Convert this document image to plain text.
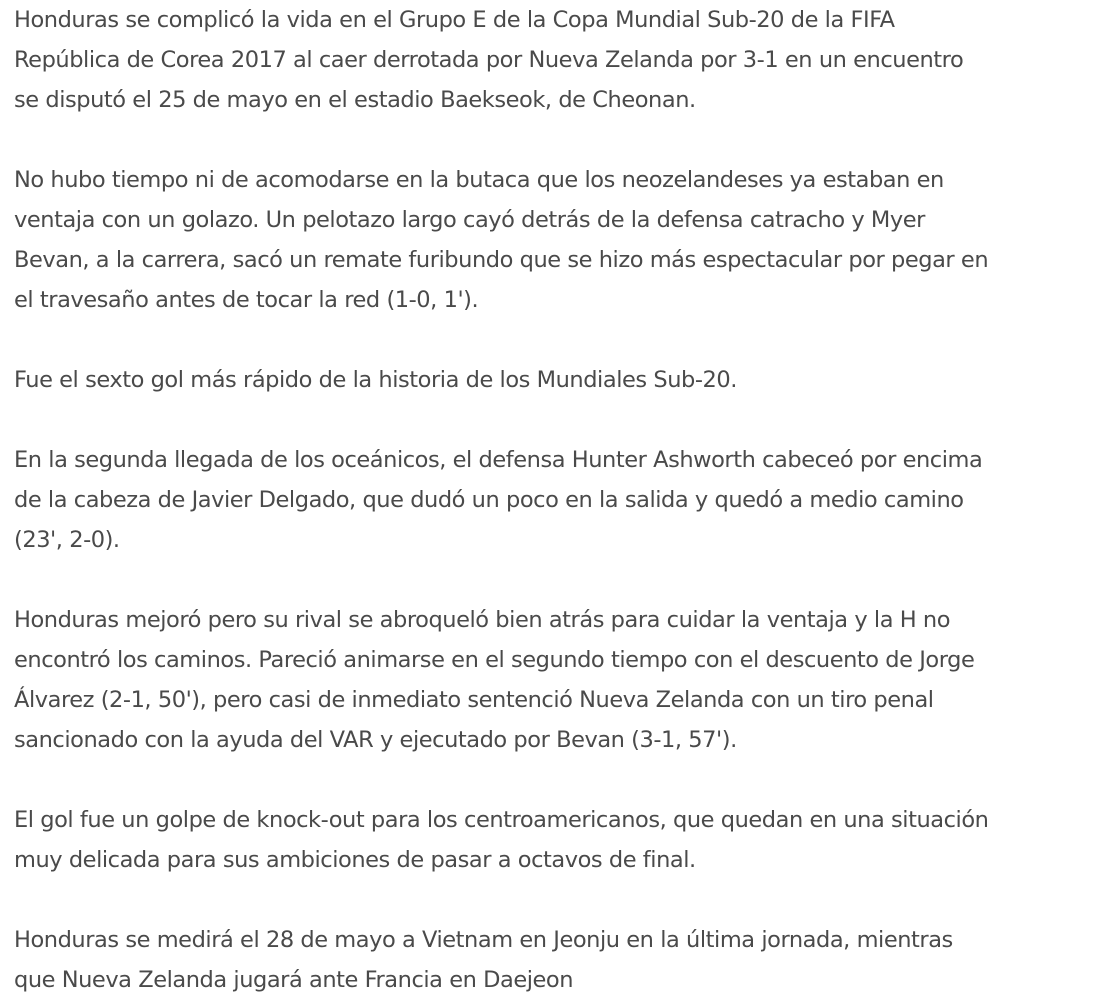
Honduras se complicó la vida en el Grupo E de la Copa Mundial Sub-20 de la FIFA
República de Corea 2017 al caer derrotada por Nueva Zelanda por 3-1 en un encuentro
se disputó el 25 de mayo en el estadio Baekseok, de Cheonan.

No hubo tiempo ni de acomodarse en la butaca que los neozelandeses ya estaban en
ventaja con un golazo. Un pelotazo largo cayó detrás de la defensa catracho y Myer
Bevan, a la carrera, sacó un remate furibundo que se hizo más espectacular por pegar en
el travesaño antes de tocar la red (1-0, 1').

Fue el sexto gol más rápido de la historia de los Mundiales Sub-20.

En la segunda llegada de los oceánicos, el defensa Hunter Ashworth cabeceó por encima
de la cabeza de Javier Delgado, que dudó un poco en la salida y quedó a medio camino
(23', 2-0).

Honduras mejoró pero su rival se abroqueló bien atrás para cuidar la ventaja y la H no
encontró los caminos. Pareció animarse en el segundo tiempo con el descuento de Jorge
Álvarez (2-1, 50'), pero casi de inmediato sentenció Nueva Zelanda con un tiro penal
sancionado con la ayuda del VAR y ejecutado por Bevan (3-1, 57').

El gol fue un golpe de knock-out para los centroamericanos, que quedan en una situación
muy delicada para sus ambiciones de pasar a octavos de final.

Honduras se medirá el 28 de mayo a Vietnam en Jeonju en la última jornada, mientras
que Nueva Zelanda jugará ante Francia en Daejeon
